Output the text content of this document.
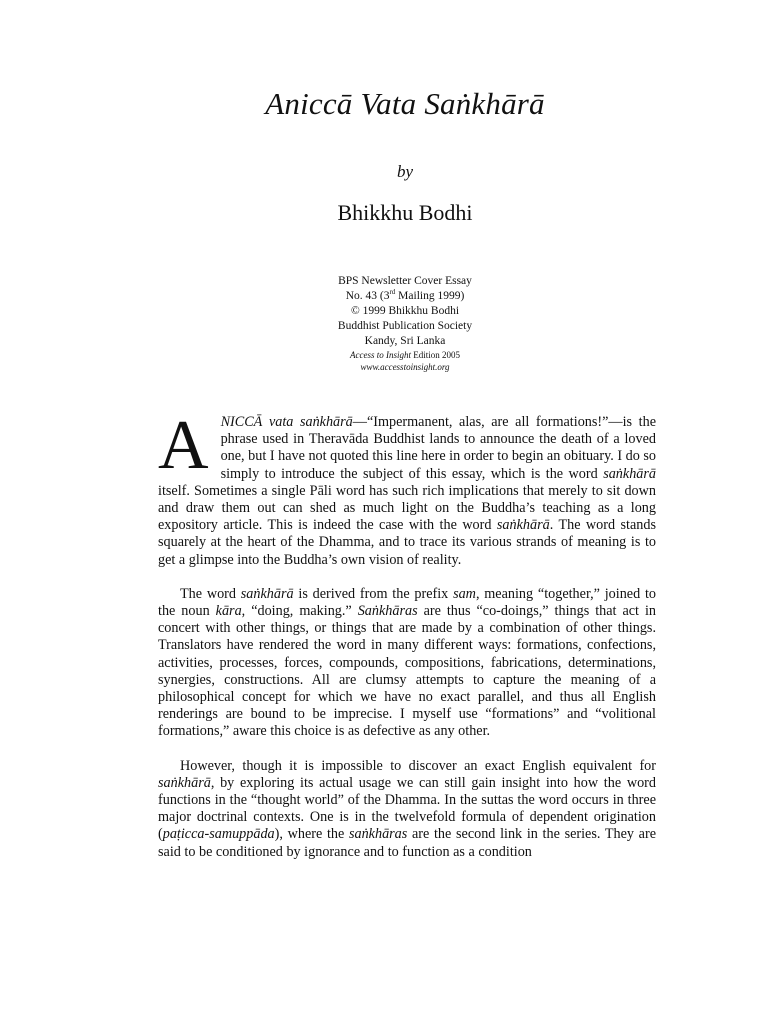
Aniccā Vata Saṅkhārā
by
Bhikkhu Bodhi
BPS Newsletter Cover Essay
No. 43 (3rd Mailing 1999)
© 1999 Bhikkhu Bodhi
Buddhist Publication Society
Kandy, Sri Lanka
Access to Insight Edition 2005
www.accesstoinsight.org

ANICCĀ vata saṅkhārā—“Impermanent, alas, are all formations!”—is the phrase used in Theravāda Buddhist lands to announce the death of a loved one, but I have not quoted this line here in order to begin an obituary. I do so simply to introduce the subject of this essay, which is the word saṅkhārā itself. Sometimes a single Pāli word has such rich implications that merely to sit down and draw them out can shed as much light on the Buddha’s teaching as a long expository article. This is indeed the case with the word saṅkhārā. The word stands squarely at the heart of the Dhamma, and to trace its various strands of meaning is to get a glimpse into the Buddha’s own vision of reality.

The word saṅkhārā is derived from the prefix sam, meaning “together,” joined to the noun kāra, “doing, making.” Saṅkhāras are thus “co-doings,” things that act in concert with other things, or things that are made by a combination of other things. Translators have rendered the word in many different ways: formations, confections, activities, processes, forces, compounds, compositions, fabrications, determinations, synergies, constructions. All are clumsy attempts to capture the meaning of a philosophical concept for which we have no exact parallel, and thus all English renderings are bound to be imprecise. I myself use “formations” and “volitional formations,” aware this choice is as defective as any other.

However, though it is impossible to discover an exact English equivalent for saṅkhārā, by exploring its actual usage we can still gain insight into how the word functions in the “thought world” of the Dhamma. In the suttas the word occurs in three major doctrinal contexts. One is in the twelvefold formula of dependent origination (paṭicca-samuppāda), where the saṅkhāras are the second link in the series. They are said to be conditioned by ignorance and to function as a condition
